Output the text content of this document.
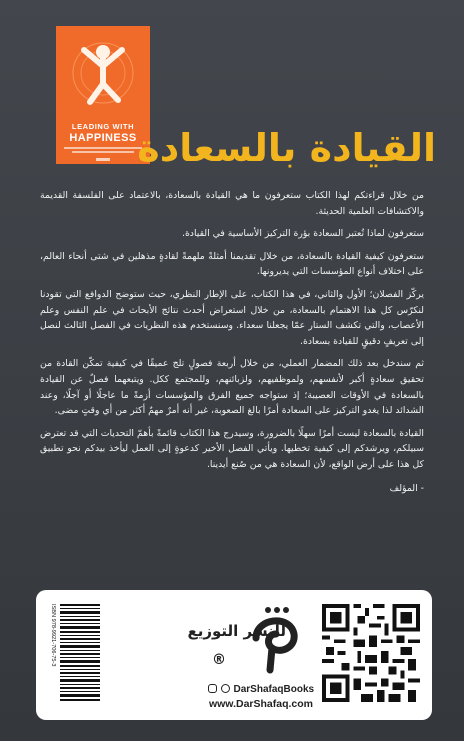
LEADING WITH
HAPPINESS القيادة بالسعادة

من خلال قراءتكم لهذا الكتاب ستعرفون ما هي القيادة بالسعادة، بالاعتماد على الفلسفة القديمة والاكتشافات العلمية الحديثة.

ستعرفون لماذا تُعتبر السعادة بؤرة التركيز الأساسية في القيادة.

ستعرفون كيفية القيادة بالسعادة، من خلال تقديمنا أمثلةً ملهمةً لقادةٍ مذهلين في شتى أنحاء العالم، على اختلاف أنواع المؤسسات التي يديرونها.

يركّز الفصلان؛ الأول والثاني، في هذا الكتاب، على الإطار النظري، حيث ستوضح الدوافع التي تقودنا لنكرّس كل هذا الاهتمام بالسعادة، من خلال استعراض أحدث نتائج الأبحاث في علم النفس وعلم الأعصاب، والتي تكشف الستار عمّا يجعلنا سعداء. وسنستخدم هذه النظريات في الفصل الثالث لنصل إلى تعريفٍ دقيقٍ للقيادة بسعادة.

ثم سندخل بعد ذلك المضمار العملي، من خلال أربعة فصولٍ تلج عميقًا في كيفية تمكّن القادة من تحقيق سعادةٍ أكبر لأنفسهم، ولموظفيهم، ولزبائنهم، وللمجتمع ككل. ويتبعهما فصلٌ عن القيادة بالسعادة في الأوقات العصيبة؛ إذ ستواجه جميع الفرق والمؤسسات أزمةً ما عاجلًا أو آجلًا، وعند الشدائد لذا يغدو التركيز على السعادة أمرًا بالغ الصعوبة، غير أنه أمرٌ مهمٌ أكثر من أي وقتٍ مضى.

القيادة بالسعادة ليست أمرًا سهلًا بالضرورة، وسيدرج هذا الكتاب قائمةً بأهمّ التحديات التي قد تعترض سبيلكم، ويرشدكم إلى كيفية تخطيها. ويأتي الفصل الأخير كدعوةٍ إلى العمل ليأخذ بيدكم نحو تطبيق كل هذا على أرض الواقع، لأن السعادة هي من صُنع أيدينا.

- المؤلف

ISBN 978-9921-706-75-3	للنشر التوزيع
®
DarShafaqBooks
www.DarShafaq.com
